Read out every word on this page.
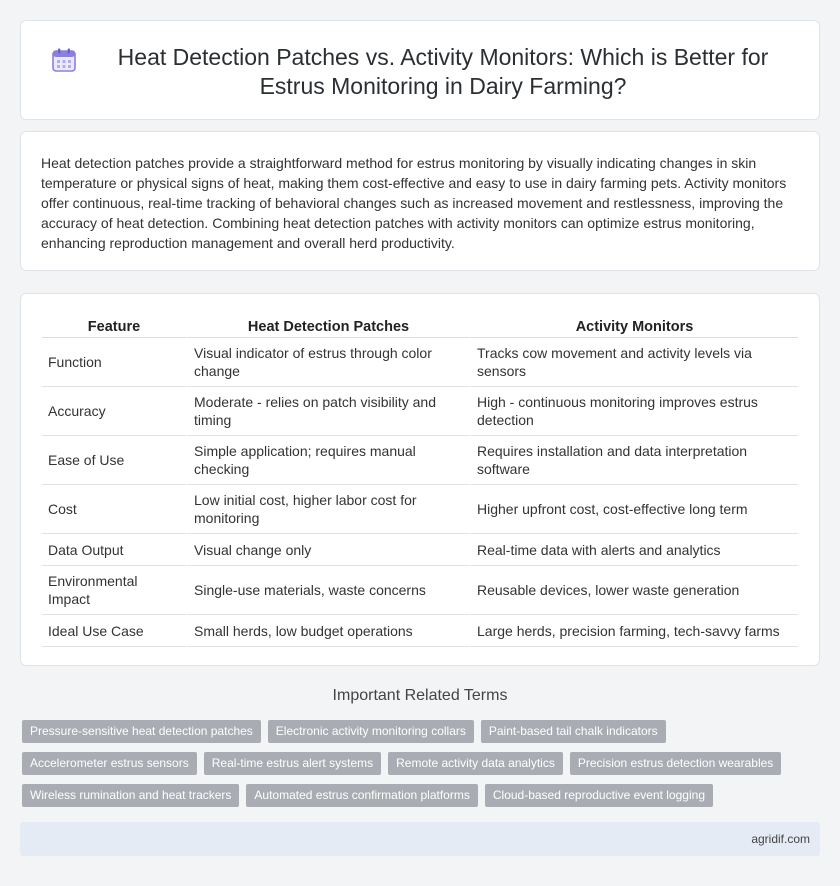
Heat Detection Patches vs. Activity Monitors: Which is Better for Estrus Monitoring in Dairy Farming?

Heat detection patches provide a straightforward method for estrus monitoring by visually indicating changes in skin temperature or physical signs of heat, making them cost-effective and easy to use in dairy farming pets. Activity monitors offer continuous, real-time tracking of behavioral changes such as increased movement and restlessness, improving the accuracy of heat detection. Combining heat detection patches with activity monitors can optimize estrus monitoring, enhancing reproduction management and overall herd productivity.

Feature	Heat Detection Patches	Activity Monitors
Function	Visual indicator of estrus through color change	Tracks cow movement and activity levels via sensors
Accuracy	Moderate - relies on patch visibility and timing	High - continuous monitoring improves estrus detection
Ease of Use	Simple application; requires manual checking	Requires installation and data interpretation software
Cost	Low initial cost, higher labor cost for monitoring	Higher upfront cost, cost-effective long term
Data Output	Visual change only	Real-time data with alerts and analytics
Environmental Impact	Single-use materials, waste concerns	Reusable devices, lower waste generation
Ideal Use Case	Small herds, low budget operations	Large herds, precision farming, tech-savvy farms
Important Related Terms
Pressure-sensitive heat detection patches	Electronic activity monitoring collars	Paint-based tail chalk indicators
Accelerometer estrus sensors	Real-time estrus alert systems	Remote activity data analytics	Precision estrus detection wearables
Wireless rumination and heat trackers	Automated estrus confirmation platforms	Cloud-based reproductive event logging
agridif.com
